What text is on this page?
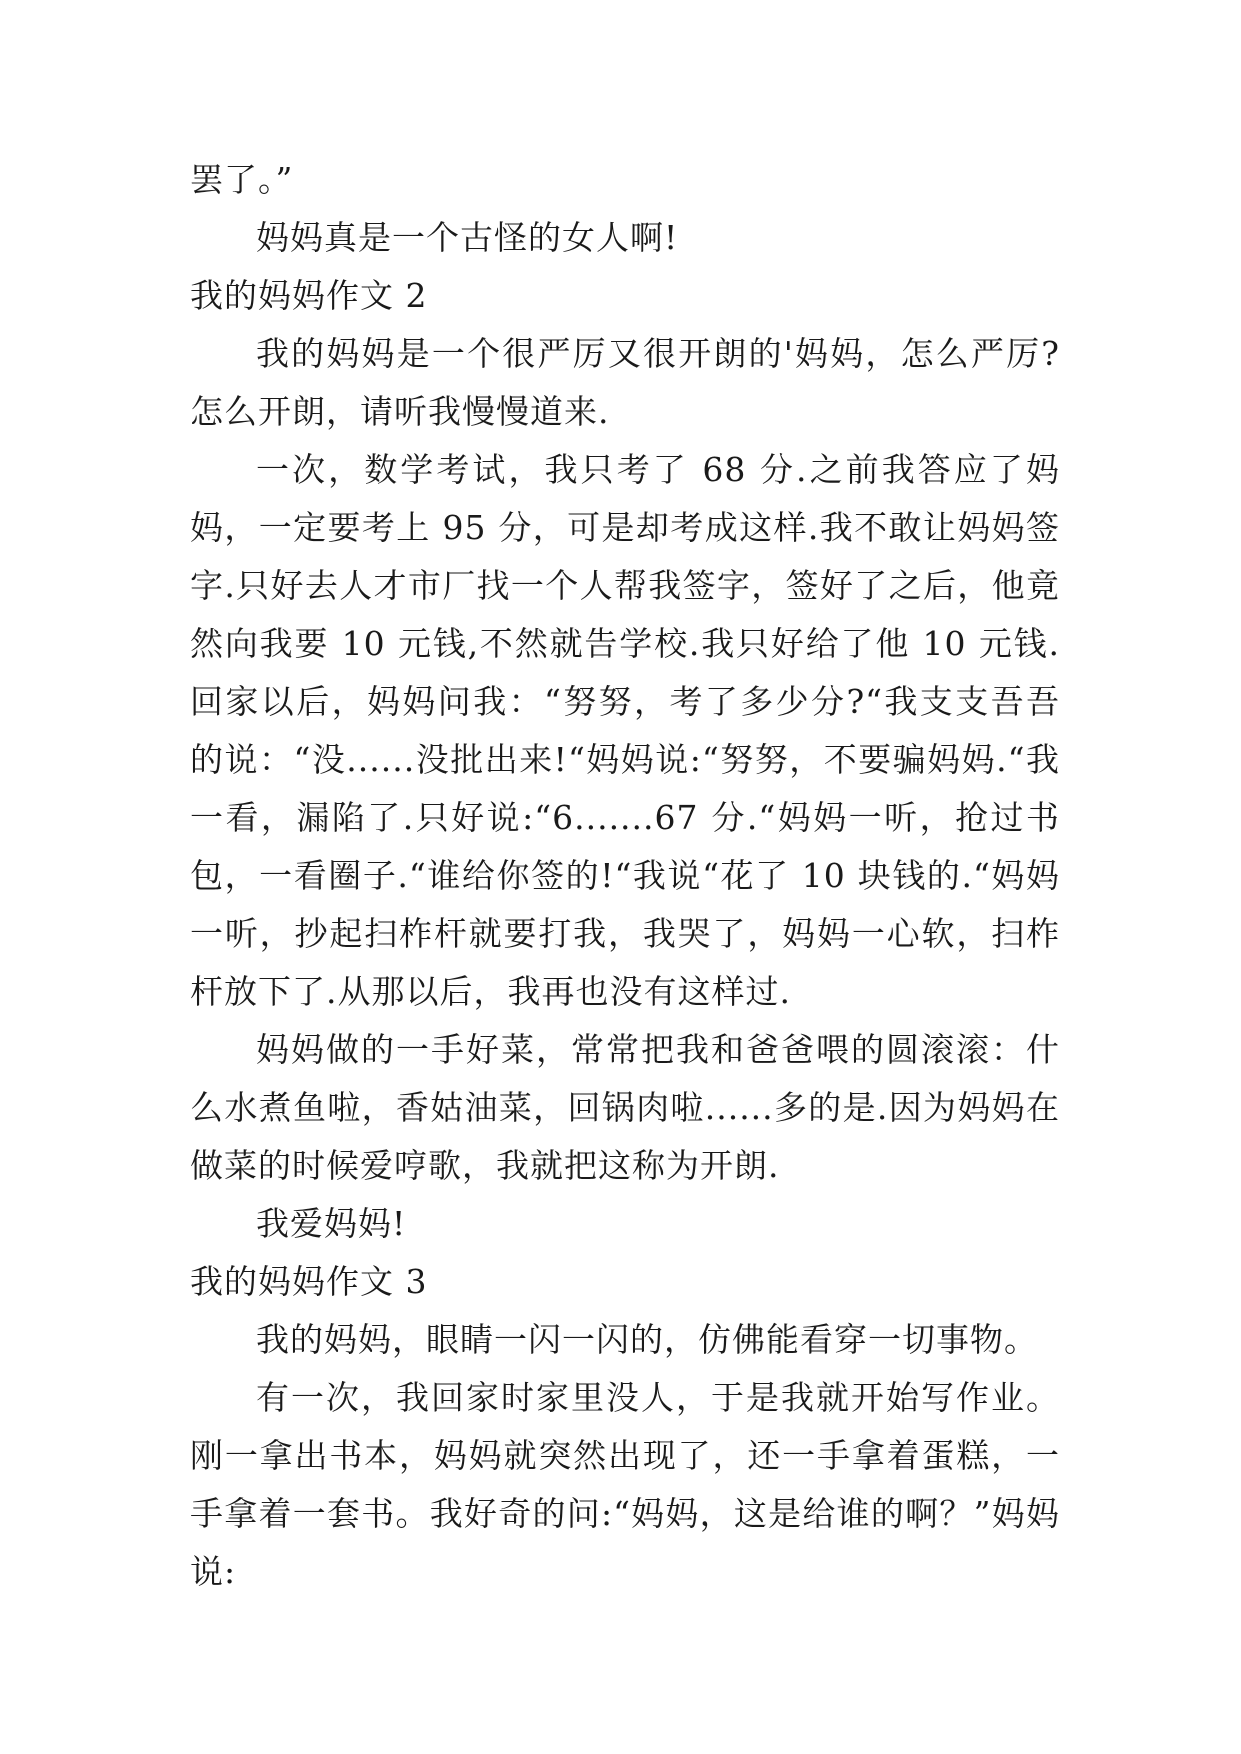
罢了。”

妈妈真是一个古怪的女人啊!

我的妈妈作文 2

我的妈妈是一个很严厉又很开朗的'妈妈，怎么严厉?怎么开朗，请听我慢慢道来.

一次，数学考试，我只考了 68 分.之前我答应了妈妈，一定要考上 95 分，可是却考成这样.我不敢让妈妈签字.只好去人才市厂找一个人帮我签字，签好了之后，他竟然向我要 10 元钱,不然就告学校.我只好给了他 10 元钱.回家以后，妈妈问我：“努努，考了多少分?“我支支吾吾的说：“没......没批出来!“妈妈说:“努努，不要骗妈妈.“我一看，漏陷了.只好说:“6.......67 分.“妈妈一听，抢过书包，一看圈子.“谁给你签的!“我说“花了 10 块钱的.“妈妈一听，抄起扫柞杆就要打我，我哭了，妈妈一心软，扫柞杆放下了.从那以后，我再也没有这样过.

妈妈做的一手好菜，常常把我和爸爸喂的圆滚滚：什么水煮鱼啦，香姑油菜，回锅肉啦......多的是.因为妈妈在做菜的时候爱哼歌，我就把这称为开朗.

我爱妈妈!

我的妈妈作文 3

我的妈妈，眼睛一闪一闪的，仿佛能看穿一切事物。

有一次，我回家时家里没人，于是我就开始写作业。刚一拿出书本，妈妈就突然出现了，还一手拿着蛋糕，一手拿着一套书。我好奇的问:“妈妈，这是给谁的啊？”妈妈说:
